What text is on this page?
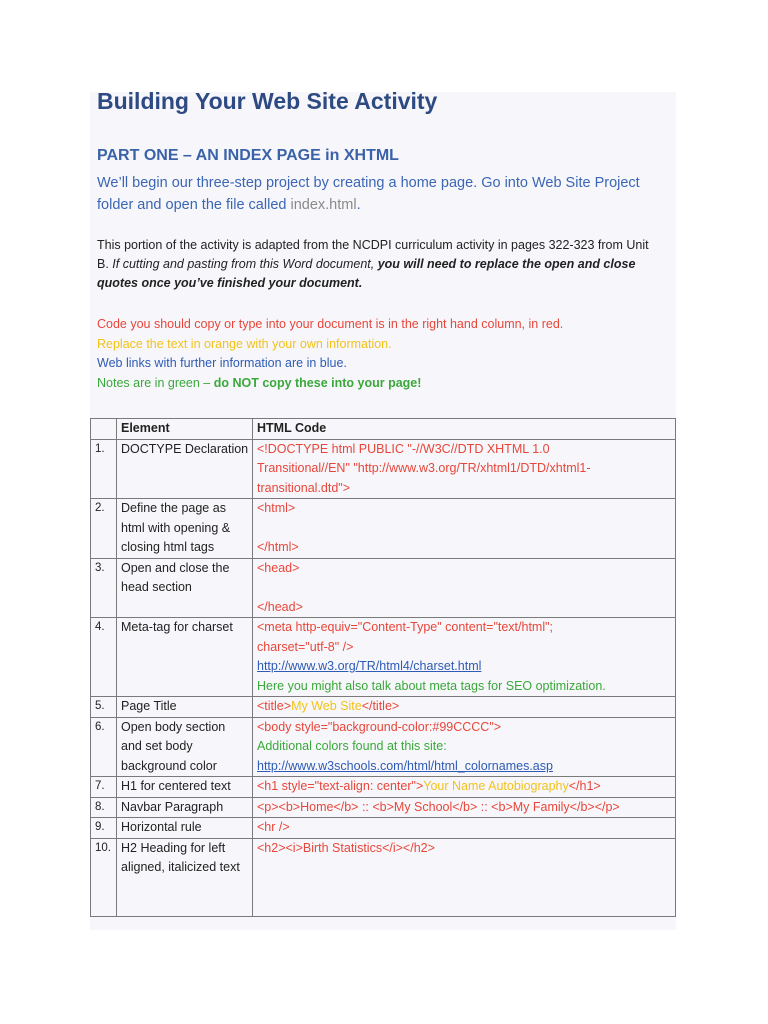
Building Your Web Site Activity
PART ONE – AN INDEX PAGE in XHTML

We’ll begin our three-step project by creating a home page. Go into Web Site Project folder and open the file called index.html.

This portion of the activity is adapted from the NCDPI curriculum activity in pages 322-323 from Unit B. If cutting and pasting from this Word document, you will need to replace the open and close quotes once you’ve finished your document.

Code you should copy or type into your document is in the right hand column, in red.
Replace the text in orange with your own information.
Web links with further information are in blue.
Notes are in green – do NOT copy these into your page!
	Element	HTML Code
1.	DOCTYPE Declaration	<!DOCTYPE html PUBLIC "-//W3C//DTD XHTML 1.0
Transitional//EN" "http://www.w3.org/TR/xhtml1/DTD/xhtml1-
transitional.dtd">

2.	Define the page as html with opening & closing html tags	<html>
</html>

3.	Open and close the head section	<head>
</head>

4.	Meta-tag for charset	<meta http-equiv="Content-Type" content="text/html";
charset="utf-8" />
http://www.w3.org/TR/html4/charset.html
Here you might also talk about meta tags for SEO optimization.

5.	Page Title	<title>My Web Site</title>
6.	Open body section and set body background color	<body style="background-color:#99CCCC">
Additional colors found at this site:
http://www.w3schools.com/html/html_colornames.asp

7.	H1 for centered text	<h1 style="text-align: center">Your Name Autobiography</h1>
8.	Navbar Paragraph	<p><b>Home</b> :: <b>My School</b> :: <b>My Family</b></p>
9.	Horizontal rule	<hr />
10.	H2 Heading for left aligned, italicized text	<h2><i>Birth Statistics</i></h2>
